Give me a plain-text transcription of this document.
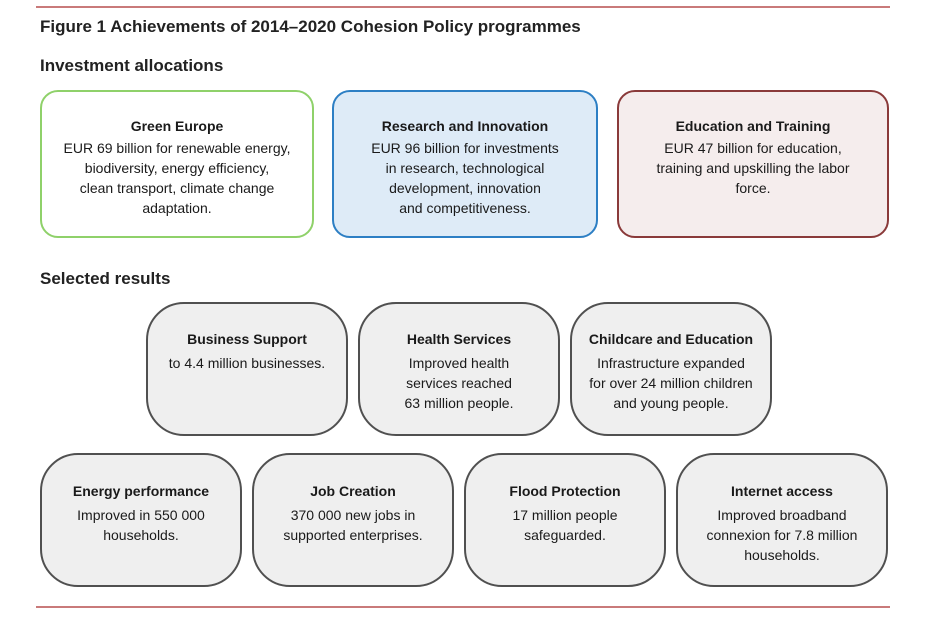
Figure 1 Achievements of 2014–2020 Cohesion Policy programmes
Investment allocations
Green Europe
EUR 69 billion for renewable energy,
biodiversity, energy efficiency,
clean transport, climate change
adaptation.
Research and Innovation
EUR 96 billion for investments
in research, technological
development, innovation
and competitiveness.
Education and Training
EUR 47 billion for education,
training and upskilling the labor
force.
Selected results
Business Support
to 4.4 million businesses.
Health Services
Improved health
services reached
63 million people.
Childcare and Education
Infrastructure expanded
for over 24 million children
and young people.
Energy performance
Improved in 550 000
households.
Job Creation
370 000 new jobs in
supported enterprises.
Flood Protection
17 million people
safeguarded.
Internet access
Improved broadband
connexion for 7.8 million
households.
